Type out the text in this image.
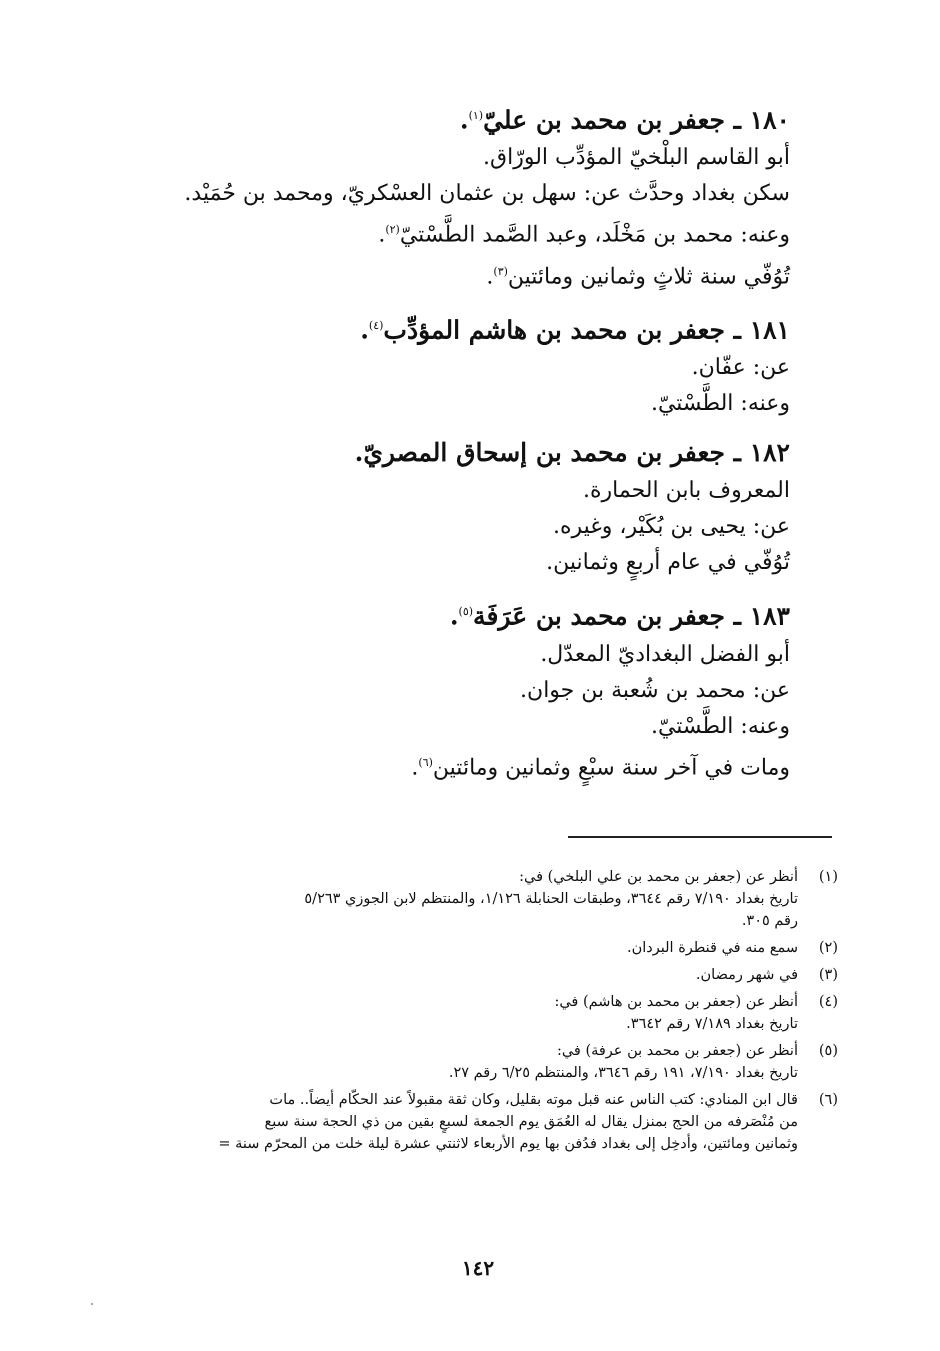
١٨٠ ـ جعفر بن محمد بن عليّ$^{(١)}$.
أبو القاسم البلْخيّ المؤدِّب الورّاق.
سكن بغداد وحدَّث عن: سهل بن عثمان العسْكريّ، ومحمد بن حُمَيْد.
وعنه: محمد بن مَخْلَد، وعبد الصَّمد الطَّسْتيّ$^{(٢)}$.
تُوُفّي سنة ثلاثٍ وثمانين ومائتين$^{(٣)}$.
١٨١ ـ جعفر بن محمد بن هاشم المؤدِّب$^{(٤)}$.
عن: عفّان.
وعنه: الطَّسْتيّ.
١٨٢ ـ جعفر بن محمد بن إسحاق المصريّ.
المعروف بابن الحمارة.
عن: يحيى بن بُكَيْر، وغيره.
تُوُفّي في عام أربعٍ وثمانين.
١٨٣ ـ جعفر بن محمد بن عَرَفَة$^{(٥)}$.
أبو الفضل البغداديّ المعدّل.
عن: محمد بن شُعبة بن جوان.
وعنه: الطَّسْتيّ.
ومات في آخر سنة سبْعٍ وثمانين ومائتين$^{(٦)}$.
(١)
أنظر عن (جعفر بن محمد بن علي البلخي) في:
تاريخ بغداد ٧/١٩٠ رقم ٣٦٤٤، وطبقات الحنابلة ١/١٢٦، والمنتظم لابن الجوزي ٥/٢٦٣
رقم ٣٠٥.
(٢)
سمع منه في قنطرة البردان.
(٣)
في شهر رمضان.
(٤)
أنظر عن (جعفر بن محمد بن هاشم) في:
تاريخ بغداد ٧/١٨٩ رقم ٣٦٤٢.
(٥)
أنظر عن (جعفر بن محمد بن عرفة) في:
تاريخ بغداد ٧/١٩٠، ١٩١ رقم ٣٦٤٦، والمنتظم ٦/٢٥ رقم ٢٧.
(٦)
قال ابن المنادي: كتب الناس عنه قبل موته بقليل، وكان ثقة مقبولاً عند الحكّام أيضاً.. مات
من مُنْصَرفه من الحج بمنزل يقال له العُمَق يوم الجمعة لسبعٍ بقين من ذي الحجة سنة سبع
وثمانين ومائتين، وأُدخِل إلى بغداد فدُفن بها يوم الأربعاء لاثنتي عشرة ليلة خلت من المحرّم سنة =
١٤٢
